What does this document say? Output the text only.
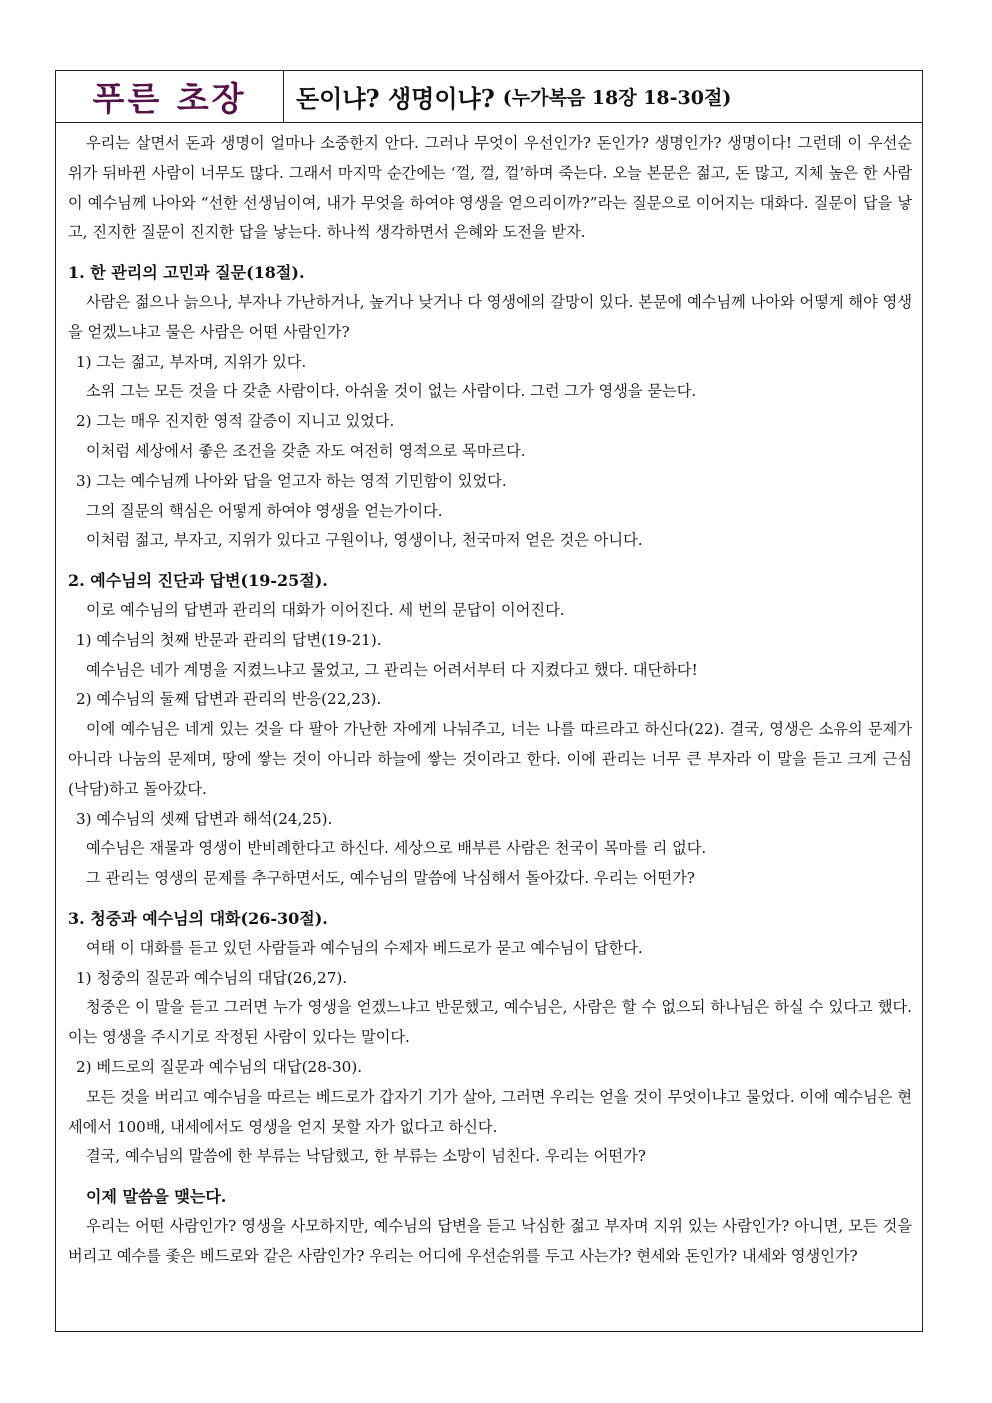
푸른 초장	돈이냐? 생명이냐? (누가복음 18장 18-30절)

우리는 살면서 돈과 생명이 얼마나 소중한지 안다. 그러나 무엇이 우선인가? 돈인가? 생명인가? 생명이다! 그런데 이 우선순위가 뒤바뀐 사람이 너무도 많다. 그래서 마지막 순간에는 ‘껄, 껄, 껄’하며 죽는다. 오늘 본문은 젊고, 돈 많고, 지체 높은 한 사람이 예수님께 나아와 “선한 선생님이여, 내가 무엇을 하여야 영생을 얻으리이까?”라는 질문으로 이어지는 대화다. 질문이 답을 낳고, 진지한 질문이 진지한 답을 낳는다. 하나씩 생각하면서 은혜와 도전을 받자.

1. 한 관리의 고민과 질문(18절).

사람은 젊으나 늙으나, 부자나 가난하거나, 높거나 낮거나 다 영생에의 갈망이 있다. 본문에 예수님께 나아와 어떻게 해야 영생을 얻겠느냐고 물은 사람은 어떤 사람인가?

1) 그는 젊고, 부자며, 지위가 있다.

소위 그는 모든 것을 다 갖춘 사람이다. 아쉬울 것이 없는 사람이다. 그런 그가 영생을 묻는다.

2) 그는 매우 진지한 영적 갈증이 지니고 있었다.

이처럼 세상에서 좋은 조건을 갖춘 자도 여전히 영적으로 목마르다.

3) 그는 예수님께 나아와 답을 얻고자 하는 영적 기민함이 있었다.

그의 질문의 핵심은 어떻게 하여야 영생을 얻는가이다.

이처럼 젊고, 부자고, 지위가 있다고 구원이나, 영생이나, 천국마저 얻은 것은 아니다.

2. 예수님의 진단과 답변(19-25절).

이로 예수님의 답변과 관리의 대화가 이어진다. 세 번의 문답이 이어진다.

1) 예수님의 첫째 반문과 관리의 답변(19-21).

예수님은 네가 계명을 지켰느냐고 물었고, 그 관리는 어려서부터 다 지켰다고 했다. 대단하다!

2) 예수님의 둘째 답변과 관리의 반응(22,23).

이에 예수님은 네게 있는 것을 다 팔아 가난한 자에게 나눠주고, 너는 나를 따르라고 하신다(22). 결국, 영생은 소유의 문제가 아니라 나눔의 문제며, 땅에 쌓는 것이 아니라 하늘에 쌓는 것이라고 한다. 이에 관리는 너무 큰 부자라 이 말을 듣고 크게 근심(낙담)하고 돌아갔다.

3) 예수님의 셋째 답변과 해석(24,25).

예수님은 재물과 영생이 반비례한다고 하신다. 세상으로 배부른 사람은 천국이 목마를 리 없다.

그 관리는 영생의 문제를 추구하면서도, 예수님의 말씀에 낙심해서 돌아갔다. 우리는 어떤가?

3. 청중과 예수님의 대화(26-30절).

여태 이 대화를 듣고 있던 사람들과 예수님의 수제자 베드로가 묻고 예수님이 답한다.

1) 청중의 질문과 예수님의 대답(26,27).

청중은 이 말을 듣고 그러면 누가 영생을 얻겠느냐고 반문했고, 예수님은, 사람은 할 수 없으되 하나님은 하실 수 있다고 했다. 이는 영생을 주시기로 작정된 사람이 있다는 말이다.

2) 베드로의 질문과 예수님의 대답(28-30).

모든 것을 버리고 예수님을 따르는 베드로가 갑자기 기가 살아, 그러면 우리는 얻을 것이 무엇이냐고 물었다. 이에 예수님은 현세에서 100배, 내세에서도 영생을 얻지 못할 자가 없다고 하신다.

결국, 예수님의 말씀에 한 부류는 낙담했고, 한 부류는 소망이 넘친다. 우리는 어떤가?

이제 말씀을 맺는다.

우리는 어떤 사람인가? 영생을 사모하지만, 예수님의 답변을 듣고 낙심한 젊고 부자며 지위 있는 사람인가? 아니면, 모든 것을 버리고 예수를 좇은 베드로와 같은 사람인가? 우리는 어디에 우선순위를 두고 사는가? 현세와 돈인가? 내세와 영생인가?
